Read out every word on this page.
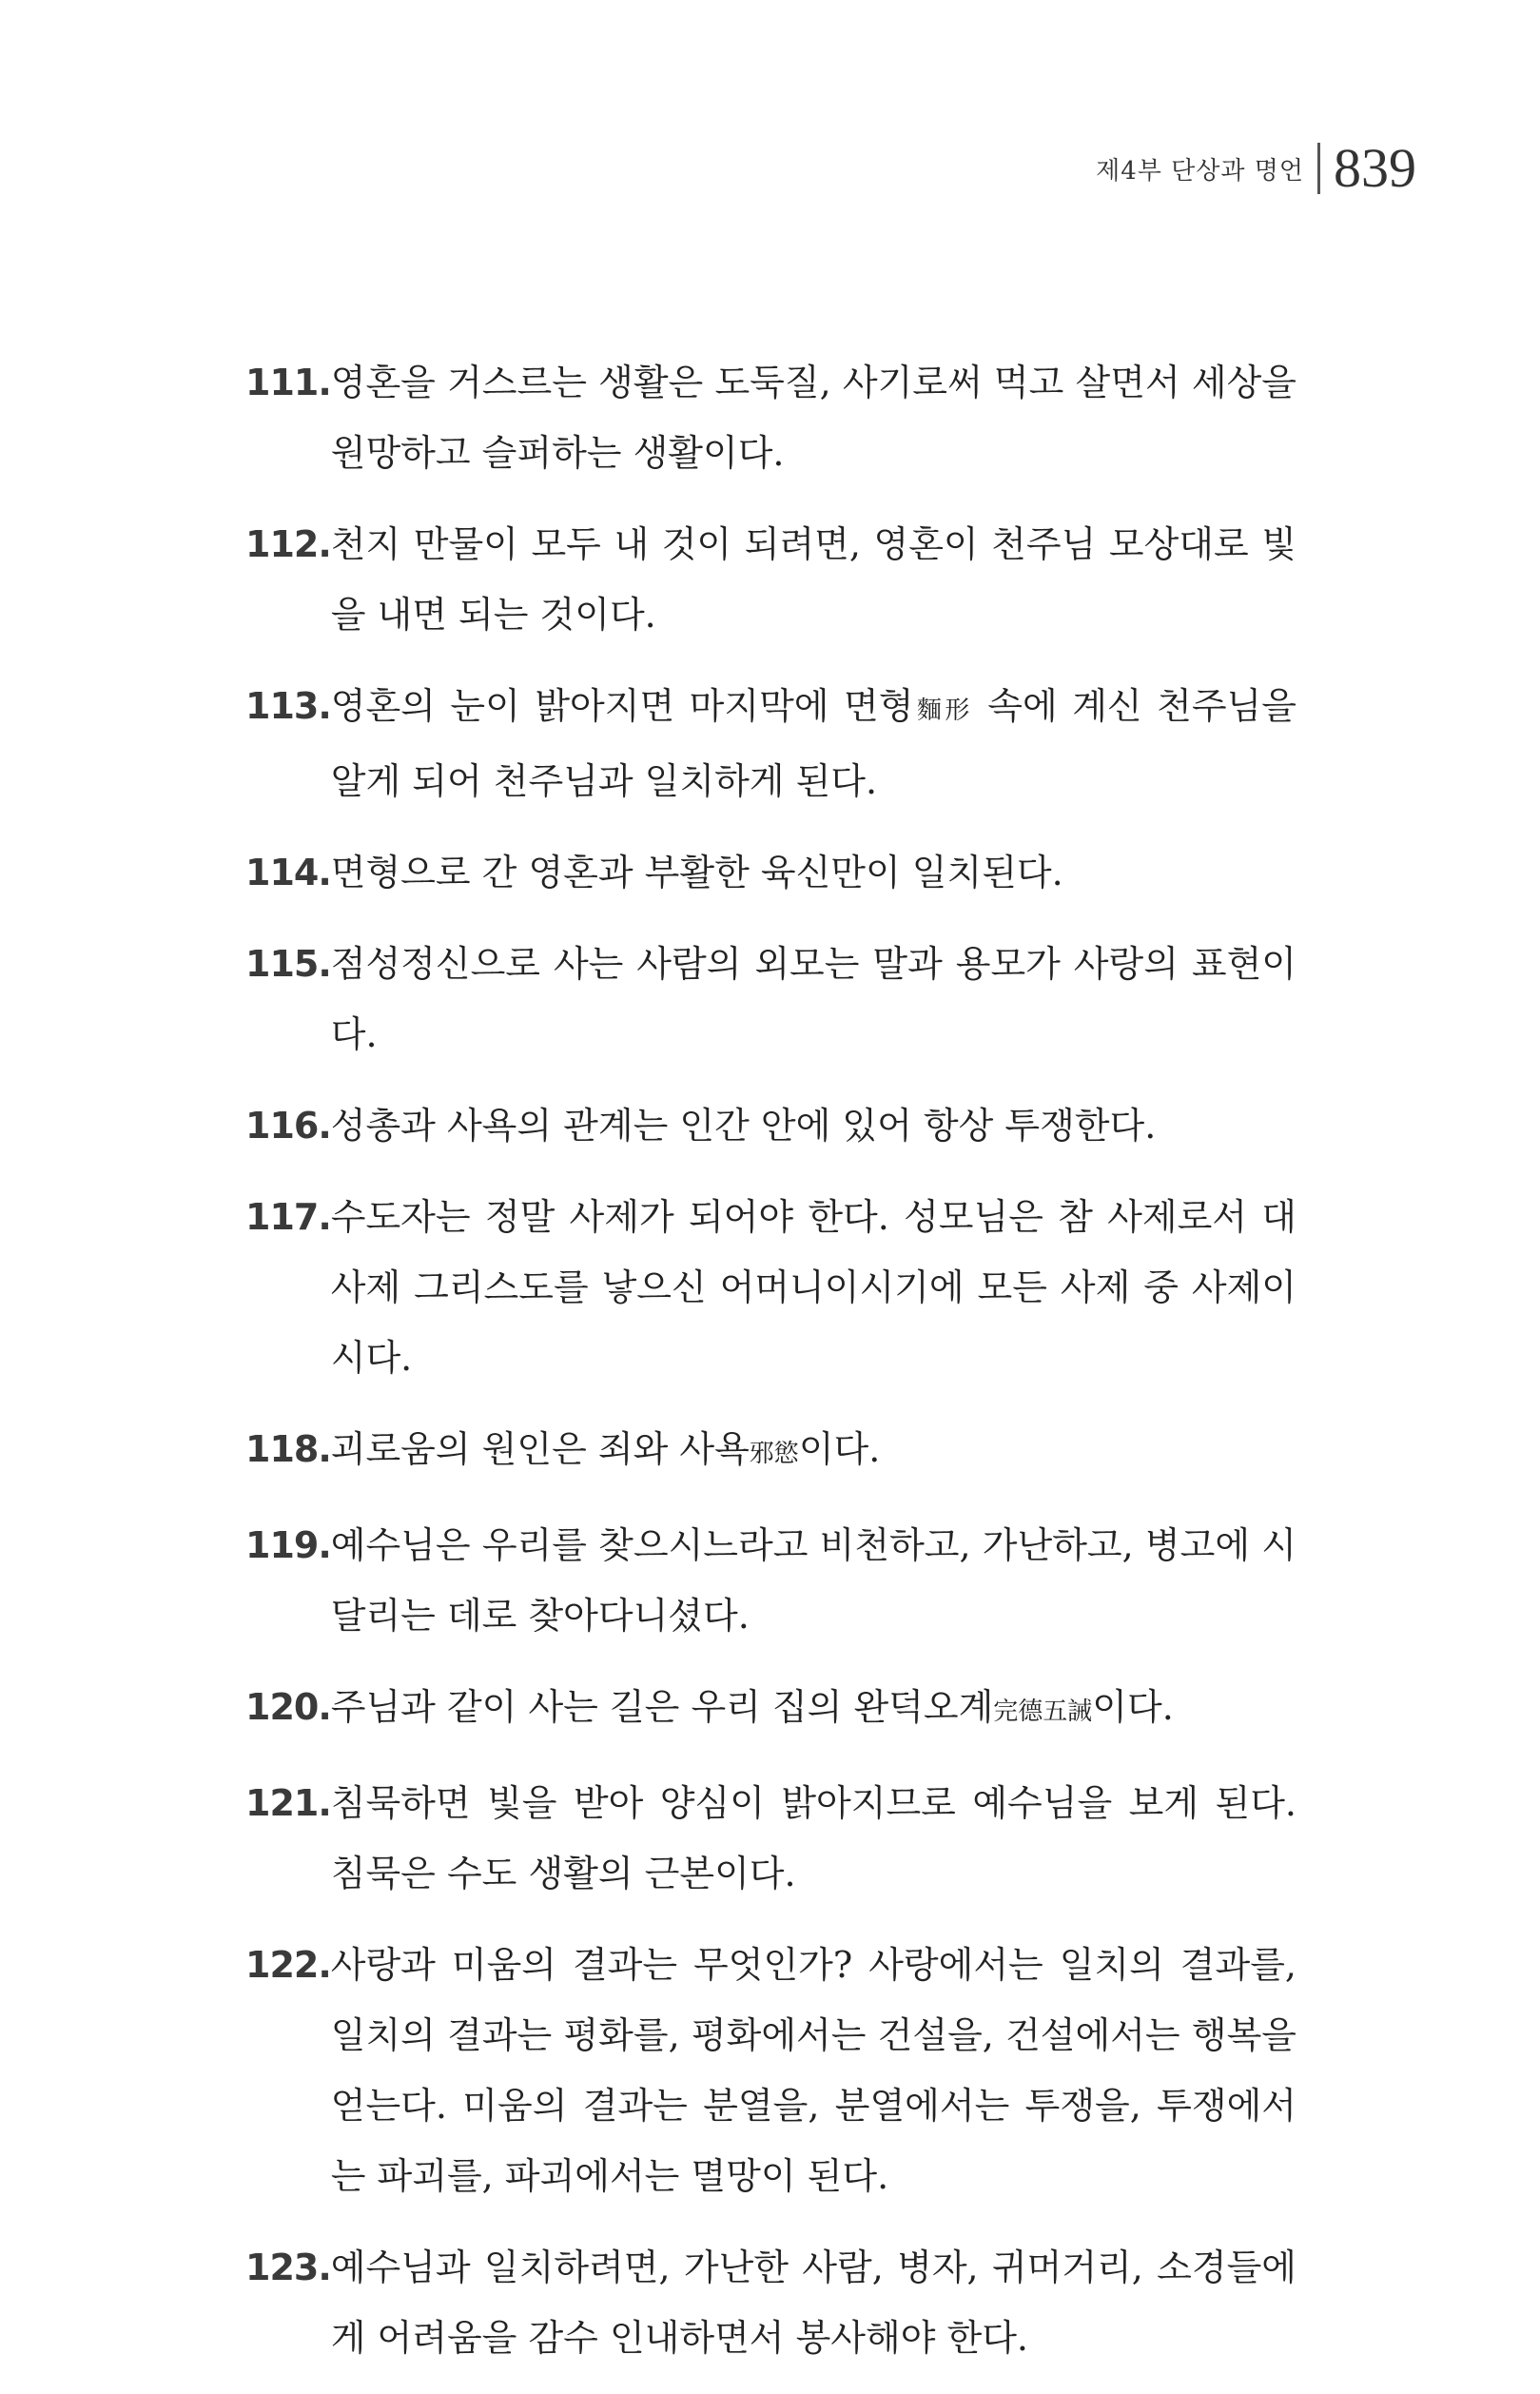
제4부 단상과 명언 839
111. 영혼을 거스르는 생활은 도둑질, 사기로써 먹고 살면서 세상을 원망하고 슬퍼하는 생활이다.
112. 천지 만물이 모두 내 것이 되려면, 영혼이 천주님 모상대로 빛을 내면 되는 것이다.
113. 영혼의 눈이 밝아지면 마지막에 면형麵形 속에 계신 천주님을 알게 되어 천주님과 일치하게 된다.
114. 면형으로 간 영혼과 부활한 육신만이 일치된다.
115. 점성정신으로 사는 사람의 외모는 말과 용모가 사랑의 표현이다.
116. 성총과 사욕의 관계는 인간 안에 있어 항상 투쟁한다.
117. 수도자는 정말 사제가 되어야 한다. 성모님은 참 사제로서 대사제 그리스도를 낳으신 어머니이시기에 모든 사제 중 사제이시다.
118. 괴로움의 원인은 죄와 사욕邪慾이다.
119. 예수님은 우리를 찾으시느라고 비천하고, 가난하고, 병고에 시달리는 데로 찾아다니셨다.
120. 주님과 같이 사는 길은 우리 집의 완덕오계完德五誡이다.
121. 침묵하면 빛을 받아 양심이 밝아지므로 예수님을 보게 된다. 침묵은 수도 생활의 근본이다.
122. 사랑과 미움의 결과는 무엇인가? 사랑에서는 일치의 결과를, 일치의 결과는 평화를, 평화에서는 건설을, 건설에서는 행복을 얻는다. 미움의 결과는 분열을, 분열에서는 투쟁을, 투쟁에서는 파괴를, 파괴에서는 멸망이 된다.
123. 예수님과 일치하려면, 가난한 사람, 병자, 귀머거리, 소경들에게 어려움을 감수 인내하면서 봉사해야 한다.
